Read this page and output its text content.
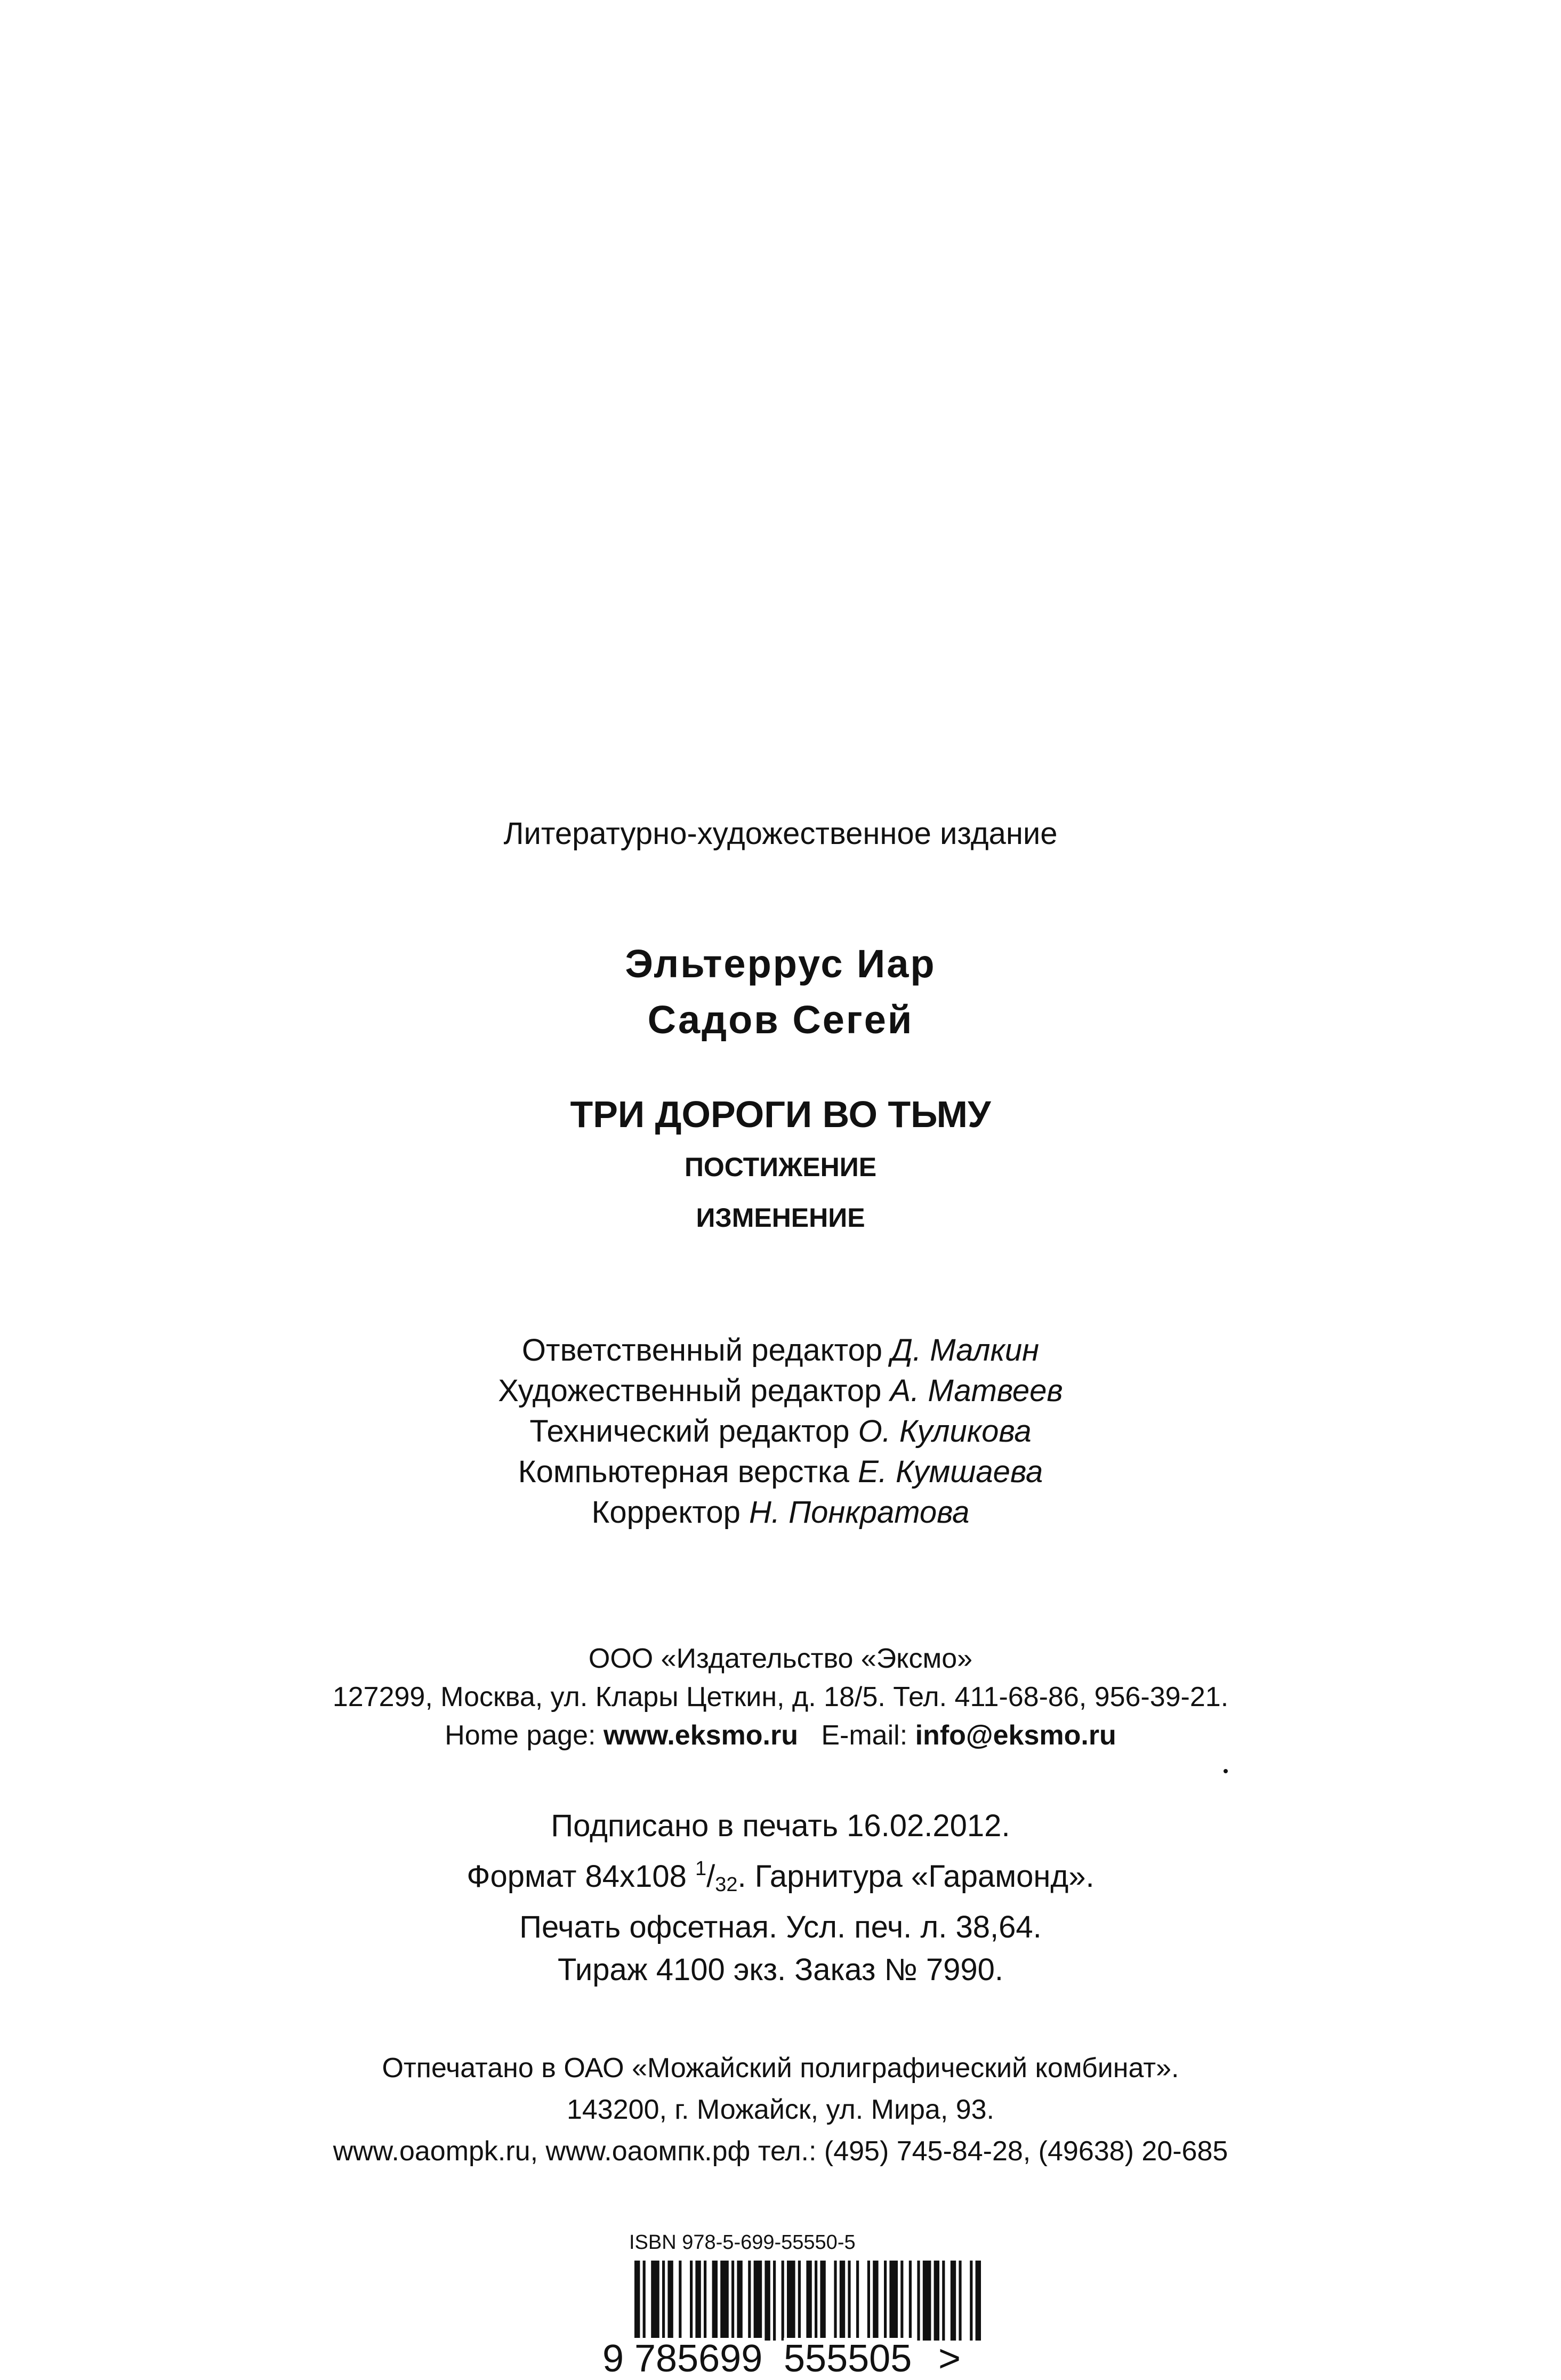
Литературно-художественное издание
Эльтеррус Иар
Садов Сегей
ТРИ ДОРОГИ ВО ТЬМУ
ПОСТИЖЕНИЕ
ИЗМЕНЕНИЕ
Ответственный редактор Д. Малкин
Художественный редактор А. Матвеев
Технический редактор О. Куликова
Компьютерная верстка Е. Кумшаева
Корректор Н. Понкратова
ООО «Издательство «Эксмо»
127299, Москва, ул. Клары Цеткин, д. 18/5. Тел. 411-68-86, 956-39-21.
Home page: www.eksmo.ru E-mail: info@eksmo.ru
Подписано в печать 16.02.2012.
Формат 84х108 $^1/_{32}$. Гарнитура «Гарамонд».
Печать офсетная. Усл. печ. л. 38,64.
Тираж 4100 экз. Заказ № 7990.
Отпечатано в ОАО «Можайский полиграфический комбинат».
143200, г. Можайск, ул. Мира, 93.
www.oaompk.ru, www.оаомпк.рф тел.: (495) 745-84-28, (49638) 20-685
ISBN 978-5-699-55550-5
9 785699 555505 >
